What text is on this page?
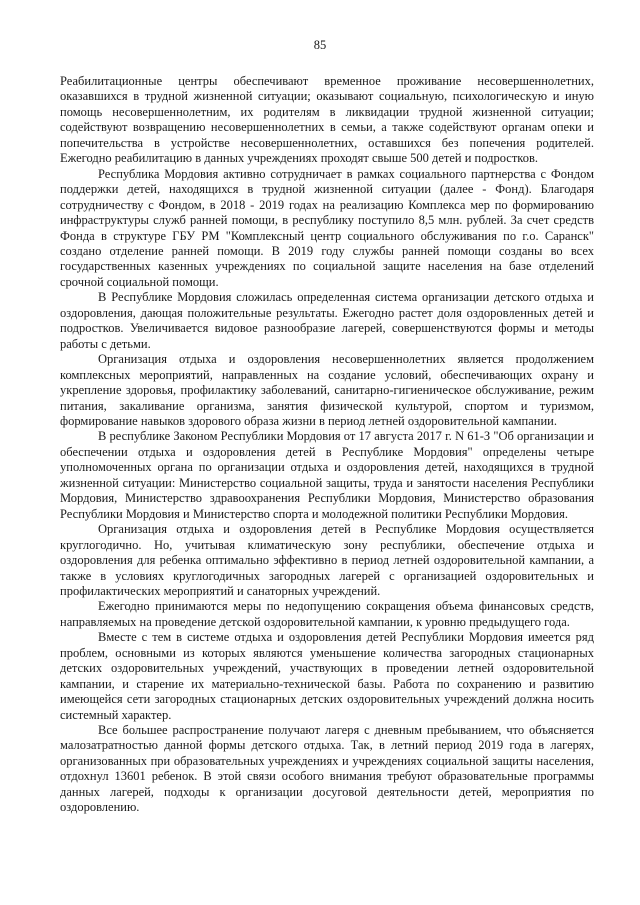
85

Реабилитационные центры обеспечивают временное проживание несовершеннолетних, оказавшихся в трудной жизненной ситуации; оказывают социальную, психологическую и иную помощь несовершеннолетним, их родителям в ликвидации трудной жизненной ситуации; содействуют возвращению несовершеннолетних в семьи, а также содействуют органам опеки и попечительства в устройстве несовершеннолетних, оставшихся без попечения родителей. Ежегодно реабилитацию в данных учреждениях проходят свыше 500 детей и подростков.

Республика Мордовия активно сотрудничает в рамках социального партнерства с Фондом поддержки детей, находящихся в трудной жизненной ситуации (далее - Фонд). Благодаря сотрудничеству с Фондом, в 2018 - 2019 годах на реализацию Комплекса мер по формированию инфраструктуры служб ранней помощи, в республику поступило 8,5 млн. рублей. За счет средств Фонда в структуре ГБУ РМ "Комплексный центр социального обслуживания по г.о. Саранск" создано отделение ранней помощи. В 2019 году службы ранней помощи созданы во всех государственных казенных учреждениях по социальной защите населения на базе отделений срочной социальной помощи.

В Республике Мордовия сложилась определенная система организации детского отдыха и оздоровления, дающая положительные результаты. Ежегодно растет доля оздоровленных детей и подростков. Увеличивается видовое разнообразие лагерей, совершенствуются формы и методы работы с детьми.

Организация отдыха и оздоровления несовершеннолетних является продолжением комплексных мероприятий, направленных на создание условий, обеспечивающих охрану и укрепление здоровья, профилактику заболеваний, санитарно-гигиеническое обслуживание, режим питания, закаливание организма, занятия физической культурой, спортом и туризмом, формирование навыков здорового образа жизни в период летней оздоровительной кампании.

В республике Законом Республики Мордовия от 17 августа 2017 г. N 61-З "Об организации и обеспечении отдыха и оздоровления детей в Республике Мордовия" определены четыре уполномоченных органа по организации отдыха и оздоровления детей, находящихся в трудной жизненной ситуации: Министерство социальной защиты, труда и занятости населения Республики Мордовия, Министерство здравоохранения Республики Мордовия, Министерство образования Республики Мордовия и Министерство спорта и молодежной политики Республики Мордовия.

Организация отдыха и оздоровления детей в Республике Мордовия осуществляется круглогодично. Но, учитывая климатическую зону республики, обеспечение отдыха и оздоровления для ребенка оптимально эффективно в период летней оздоровительной кампании, а также в условиях круглогодичных загородных лагерей с организацией оздоровительных и профилактических мероприятий и санаторных учреждений.

Ежегодно принимаются меры по недопущению сокращения объема финансовых средств, направляемых на проведение детской оздоровительной кампании, к уровню предыдущего года.

Вместе с тем в системе отдыха и оздоровления детей Республики Мордовия имеется ряд проблем, основными из которых являются уменьшение количества загородных стационарных детских оздоровительных учреждений, участвующих в проведении летней оздоровительной кампании, и старение их материально-технической базы. Работа по сохранению и развитию имеющейся сети загородных стационарных детских оздоровительных учреждений должна носить системный характер.

Все большее распространение получают лагеря с дневным пребыванием, что объясняется малозатратностью данной формы детского отдыха. Так, в летний период 2019 года в лагерях, организованных при образовательных учреждениях и учреждениях социальной защиты населения, отдохнул 13601 ребенок. В этой связи особого внимания требуют образовательные программы данных лагерей, подходы к организации досуговой деятельности детей, мероприятия по оздоровлению.
